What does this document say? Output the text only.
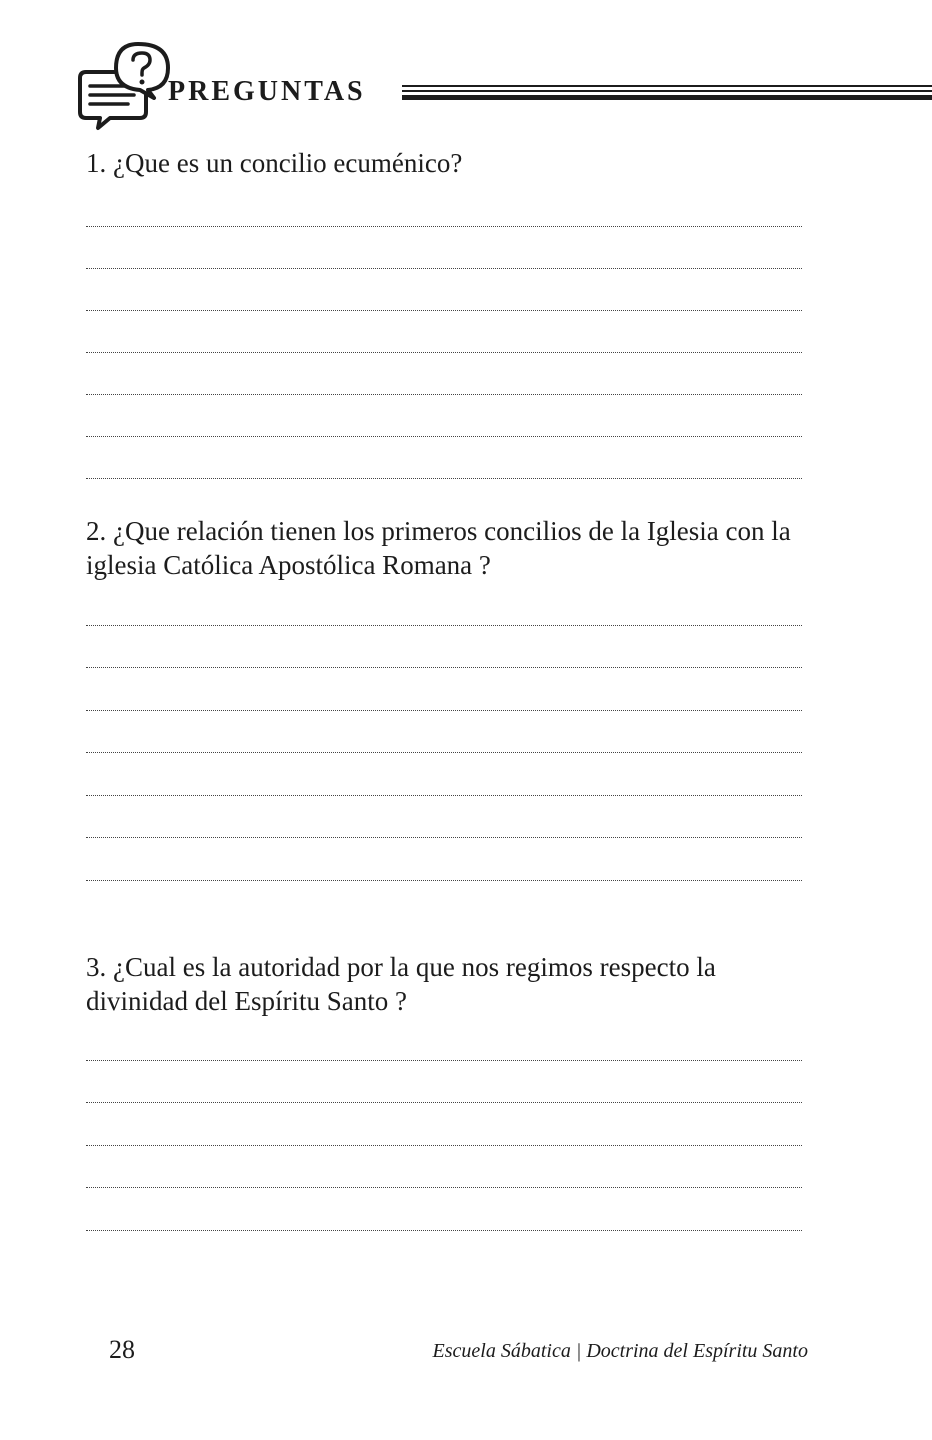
PREGUNTAS

1. ¿Que es un concilio ecuménico?

2. ¿Que relación tienen los primeros concilios de la Iglesia con la iglesia Católica Apostólica Romana ?

3. ¿Cual es la autoridad por la que nos regimos respecto la divinidad del Espíritu Santo ?

28	Escuela Sábatica | Doctrina del Espíritu Santo
